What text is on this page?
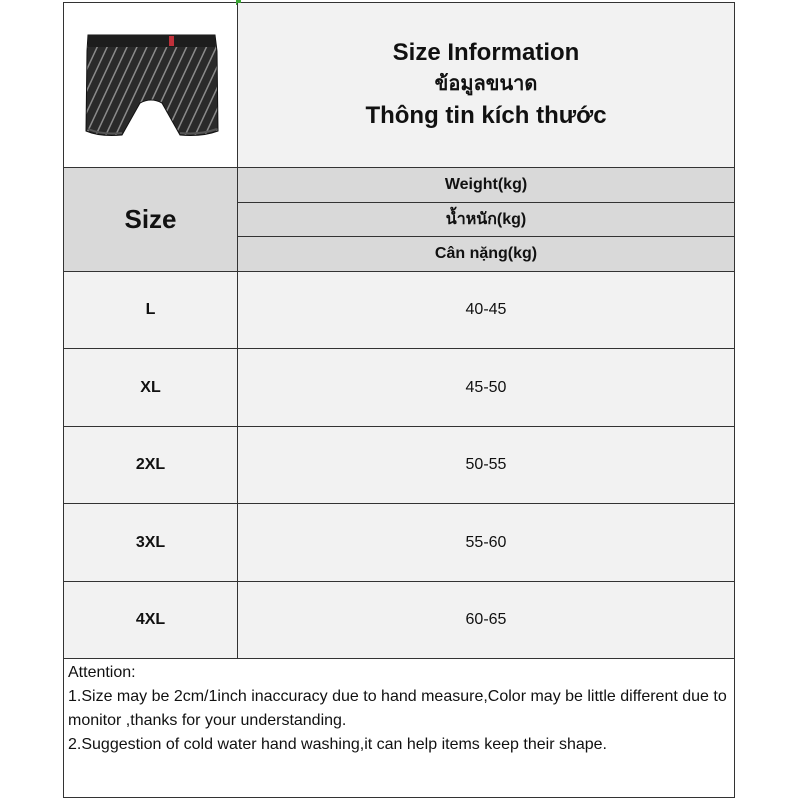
Size Information
ข้อมูลขนาด
Thông tin kích thước
Size
Weight(kg)
น้ำหนัก(kg)
Cân nặng(kg)
L	40-45
XL	45-50
2XL	50-55
3XL	55-60
4XL	60-65
Attention:
1.Size may be 2cm/1inch inaccuracy due to hand measure,Color may be little different due to monitor ,thanks for your understanding.
2.Suggestion of cold water hand washing,it can help items keep their shape.
